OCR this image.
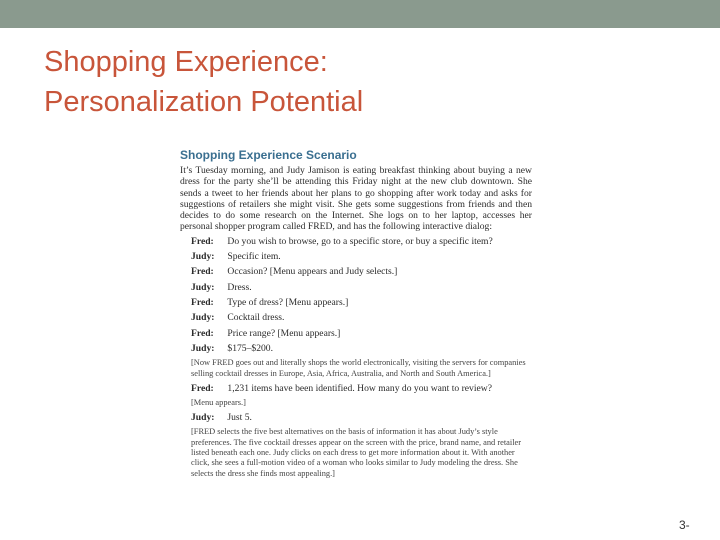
Shopping Experience:
Personalization Potential
Shopping Experience Scenario

It’s Tuesday morning, and Judy Jamison is eating breakfast thinking about buying a new dress for the party she’ll be attending this Friday night at the new club downtown. She sends a tweet to her friends about her plans to go shopping after work today and asks for suggestions of retailers she might visit. She gets some suggestions from friends and then decides to do some research on the Internet. She logs on to her laptop, accesses her personal shopper program called FRED, and has the following interactive dialog:

Fred: Do you wish to browse, go to a specific store, or buy a specific item?
Judy: Specific item.
Fred: Occasion? [Menu appears and Judy selects.]
Judy: Dress.
Fred: Type of dress? [Menu appears.]
Judy: Cocktail dress.
Fred: Price range? [Menu appears.]
Judy: $175–$200.
[Now FRED goes out and literally shops the world electronically, visiting the servers for companies selling cocktail dresses in Europe, Asia, Africa, Australia, and North and South America.]
Fred: 1,231 items have been identified. How many do you want to review?
[Menu appears.]
Judy: Just 5.
[FRED selects the five best alternatives on the basis of information it has about Judy’s style preferences. The five cocktail dresses appear on the screen with the price, brand name, and retailer listed beneath each one. Judy clicks on each dress to get more information about it. With another click, she sees a full-motion video of a woman who looks similar to Judy modeling the dress. She selects the dress she finds most appealing.]
3-
